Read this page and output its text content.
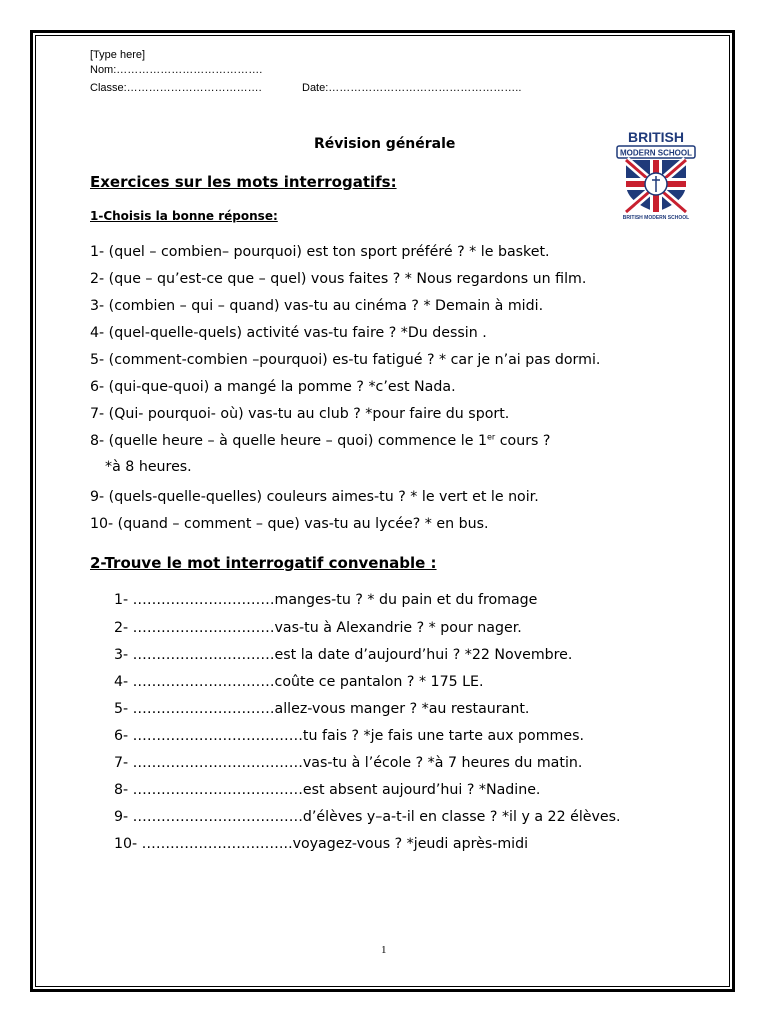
[Type here]
Nom:………………………………….
Classe:……………………………….	Date:……………………………………………..
Révision générale	BRITISH
MODERN SCHOOL
BRITISH MODERN SCHOOL
Exercices sur les mots interrogatifs:
1-Choisis la bonne réponse:
1- (quel – combien– pourquoi) est ton sport préféré ? * le basket.
2- (que – qu’est-ce que – quel) vous faites ? * Nous regardons un film.
3- (combien – qui – quand) vas-tu au cinéma ? * Demain à midi.
4- (quel-quelle-quels) activité vas-tu faire ? *Du dessin .
5- (comment-combien –pourquoi) es-tu fatigué ? * car je n’ai pas dormi.
6- (qui-que-quoi) a mangé la pomme ? *c’est Nada.
7- (Qui- pourquoi- où) vas-tu au club ? *pour faire du sport.
8- (quelle heure – à quelle heure – quoi) commence le 1er cours ?
*à 8 heures.
9- (quels-quelle-quelles) couleurs aimes-tu ? * le vert et le noir.
10- (quand – comment – que) vas-tu au lycée? * en bus.
2-Trouve le mot interrogatif convenable :
1- …………………………manges-tu ? * du pain et du fromage
2- …………………………vas-tu à Alexandrie ? * pour nager.
3- …………………………est la date d’aujourd’hui ? *22 Novembre.
4- …………………………coûte ce pantalon ? * 175 LE.
5- …………………………allez-vous manger ? *au restaurant.
6- ………………………………tu fais ? *je fais une tarte aux pommes.
7- ………………………………vas-tu à l’école ? *à 7 heures du matin.
8- ………………………………est absent aujourd’hui ? *Nadine.
9- ………………………………d’élèves y–a-t-il en classe ? *il y a 22 élèves.
10- …………………………..voyagez-vous ? *jeudi après-midi
1
